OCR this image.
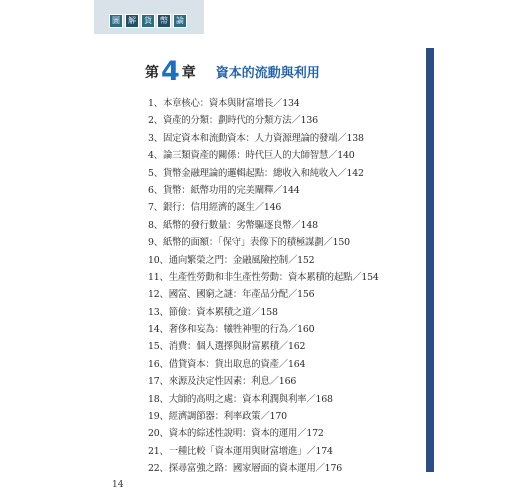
圖	解	貨	幣	論
第 4 章 資本的流動與利用
1、本章核心：資本與財富增長／134
2、資產的分類：劃時代的分類方法／136
3、固定資本和流動資本：人力資源理論的發端／138
4、論三類資產的關係：時代巨人的大師智慧／140
5、貨幣金融理論的邏輯起點：總收入和純收入／142
6、貨幣：紙幣功用的完美闡釋／144
7、銀行：信用經濟的誕生／146
8、紙幣的發行數量：劣幣驅逐良幣／148
9、紙幣的面額：「保守」表像下的積極謀劃／150
10、通向繁榮之門：金融風險控制／152
11、生產性勞動和非生產性勞動：資本累積的起點／154
12、國富、國窮之謎：年產品分配／156
13、節儉：資本累積之道／158
14、奢侈和妄為：犧牲神聖的行為／160
15、消費：個人選擇與財富累積／162
16、借貸資本：貨出取息的資產／164
17、來源及決定性因素：利息／166
18、大師的高明之處：資本利潤與利率／168
19、經濟調節器：利率政策／170
20、資本的綜述性說明：資本的運用／172
21、一種比較「資本運用與財富增進」／174
22、探尋富強之路：國家層面的資本運用／176
14
